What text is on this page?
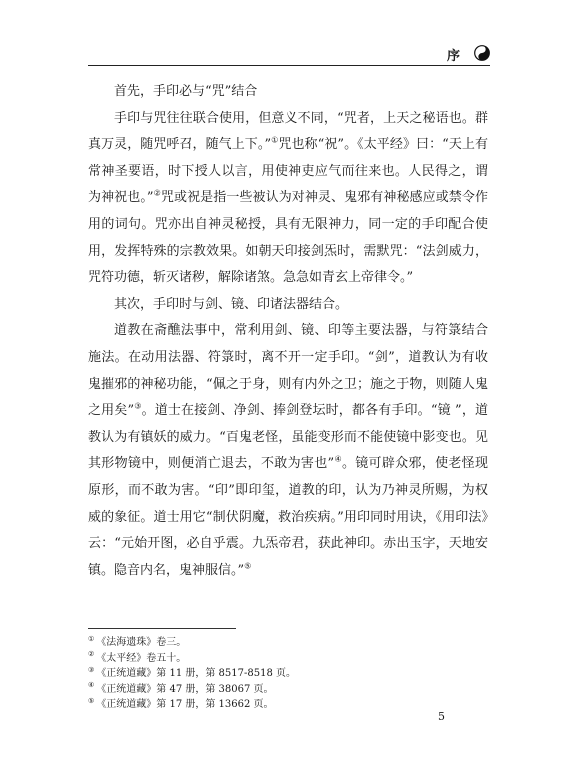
序

首先，手印必与“咒”结合

手印与咒往往联合使用，但意义不同，“咒者，上天之秘语也。群真万灵，随咒呼召，随气上下。”①咒也称“祝”。《太平经》曰：“天上有常神圣要语，时下授人以言，用使神吏应气而往来也。人民得之，谓为神祝也。”②咒或祝是指一些被认为对神灵、鬼邪有神秘感应或禁令作用的词句。咒亦出自神灵秘授，具有无限神力，同一定的手印配合使用，发挥特殊的宗教效果。如朝天印接剑炁时，需默咒：“法剑威力，咒符功德，斩灭诸秽，解除诸煞。急急如青玄上帝律令。”

其次，手印时与剑、镜、印诸法器结合。

道教在斋醮法事中，常利用剑、镜、印等主要法器，与符箓结合施法。在动用法器、符箓时，离不开一定手印。“剑”，道教认为有收鬼摧邪的神秘功能，“佩之于身，则有内外之卫；施之于物，则随人鬼之用矣”③。道士在接剑、净剑、捧剑登坛时，都各有手印。“镜 ”，道教认为有镇妖的威力。“百鬼老怪，虽能变形而不能使镜中影变也。见其形物镜中，则便消亡退去，不敢为害也”④。镜可辟众邪，使老怪现原形，而不敢为害。“印”即印玺，道教的印，认为乃神灵所赐，为权威的象征。道士用它“制伏阴魔，救治疾病。”用印同时用诀，《用印法》云：“元始开图，必自乎震。九炁帝君，获此神印。赤出玉字，天地安镇。隐音内名，鬼神服信。”⑤

① 《法海遗珠》卷三。
② 《太平经》卷五十。
③ 《正统道藏》第 11 册，第 8517-8518 页。
④ 《正统道藏》第 47 册，第 38067 页。
⑤ 《正统道藏》第 17 册，第 13662 页。
5
